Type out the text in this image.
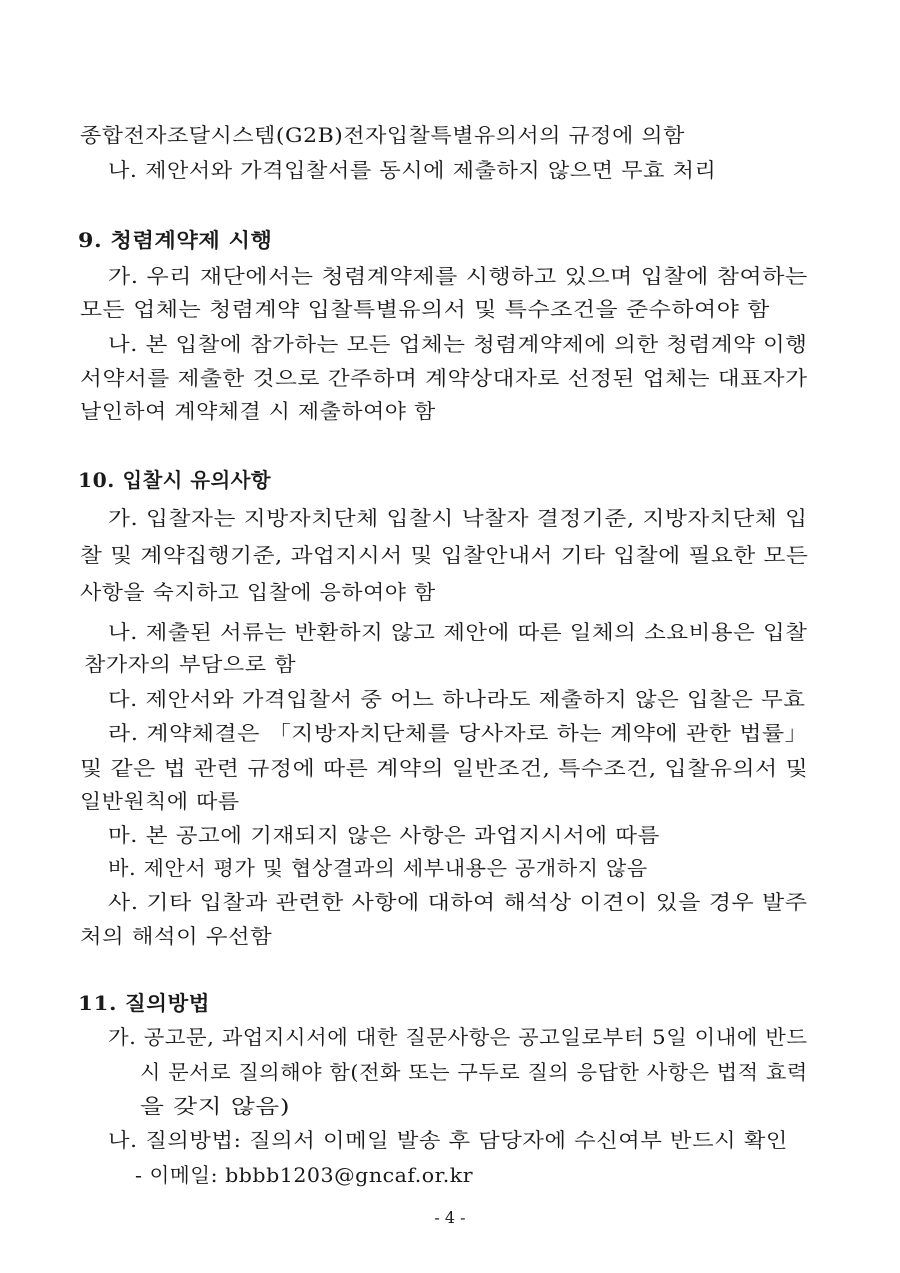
종합전자조달시스템(G2B)전자입찰특별유의서의 규정에 의함
나. 제안서와 가격입찰서를 동시에 제출하지 않으면 무효 처리
9. 청렴계약제 시행
가. 우리 재단에서는 청렴계약제를 시행하고 있으며 입찰에 참여하는
모든 업체는 청렴계약 입찰특별유의서 및 특수조건을 준수하여야 함
나. 본 입찰에 참가하는 모든 업체는 청렴계약제에 의한 청렴계약 이행
서약서를 제출한 것으로 간주하며 계약상대자로 선정된 업체는 대표자가
날인하여 계약체결 시 제출하여야 함
10. 입찰시 유의사항
가. 입찰자는 지방자치단체 입찰시 낙찰자 결정기준, 지방자치단체 입
찰 및 계약집행기준, 과업지시서 및 입찰안내서 기타 입찰에 필요한 모든
사항을 숙지하고 입찰에 응하여야 함
나. 제출된 서류는 반환하지 않고 제안에 따른 일체의 소요비용은 입찰
참가자의 부담으로 함
다. 제안서와 가격입찰서 중 어느 하나라도 제출하지 않은 입찰은 무효
라. 계약체결은 「지방자치단체를 당사자로 하는 계약에 관한 법률」
및 같은 법 관련 규정에 따른 계약의 일반조건, 특수조건, 입찰유의서 및
일반원칙에 따름
마. 본 공고에 기재되지 않은 사항은 과업지시서에 따름
바. 제안서 평가 및 협상결과의 세부내용은 공개하지 않음
사. 기타 입찰과 관련한 사항에 대하여 해석상 이견이 있을 경우 발주
처의 해석이 우선함
11. 질의방법
가. 공고문, 과업지시서에 대한 질문사항은 공고일로부터 5일 이내에 반드
시 문서로 질의해야 함(전화 또는 구두로 질의 응답한 사항은 법적 효력
을 갖지 않음)
나. 질의방법: 질의서 이메일 발송 후 담당자에 수신여부 반드시 확인
- 이메일: bbbb1203@gncaf.or.kr
- 4 -
